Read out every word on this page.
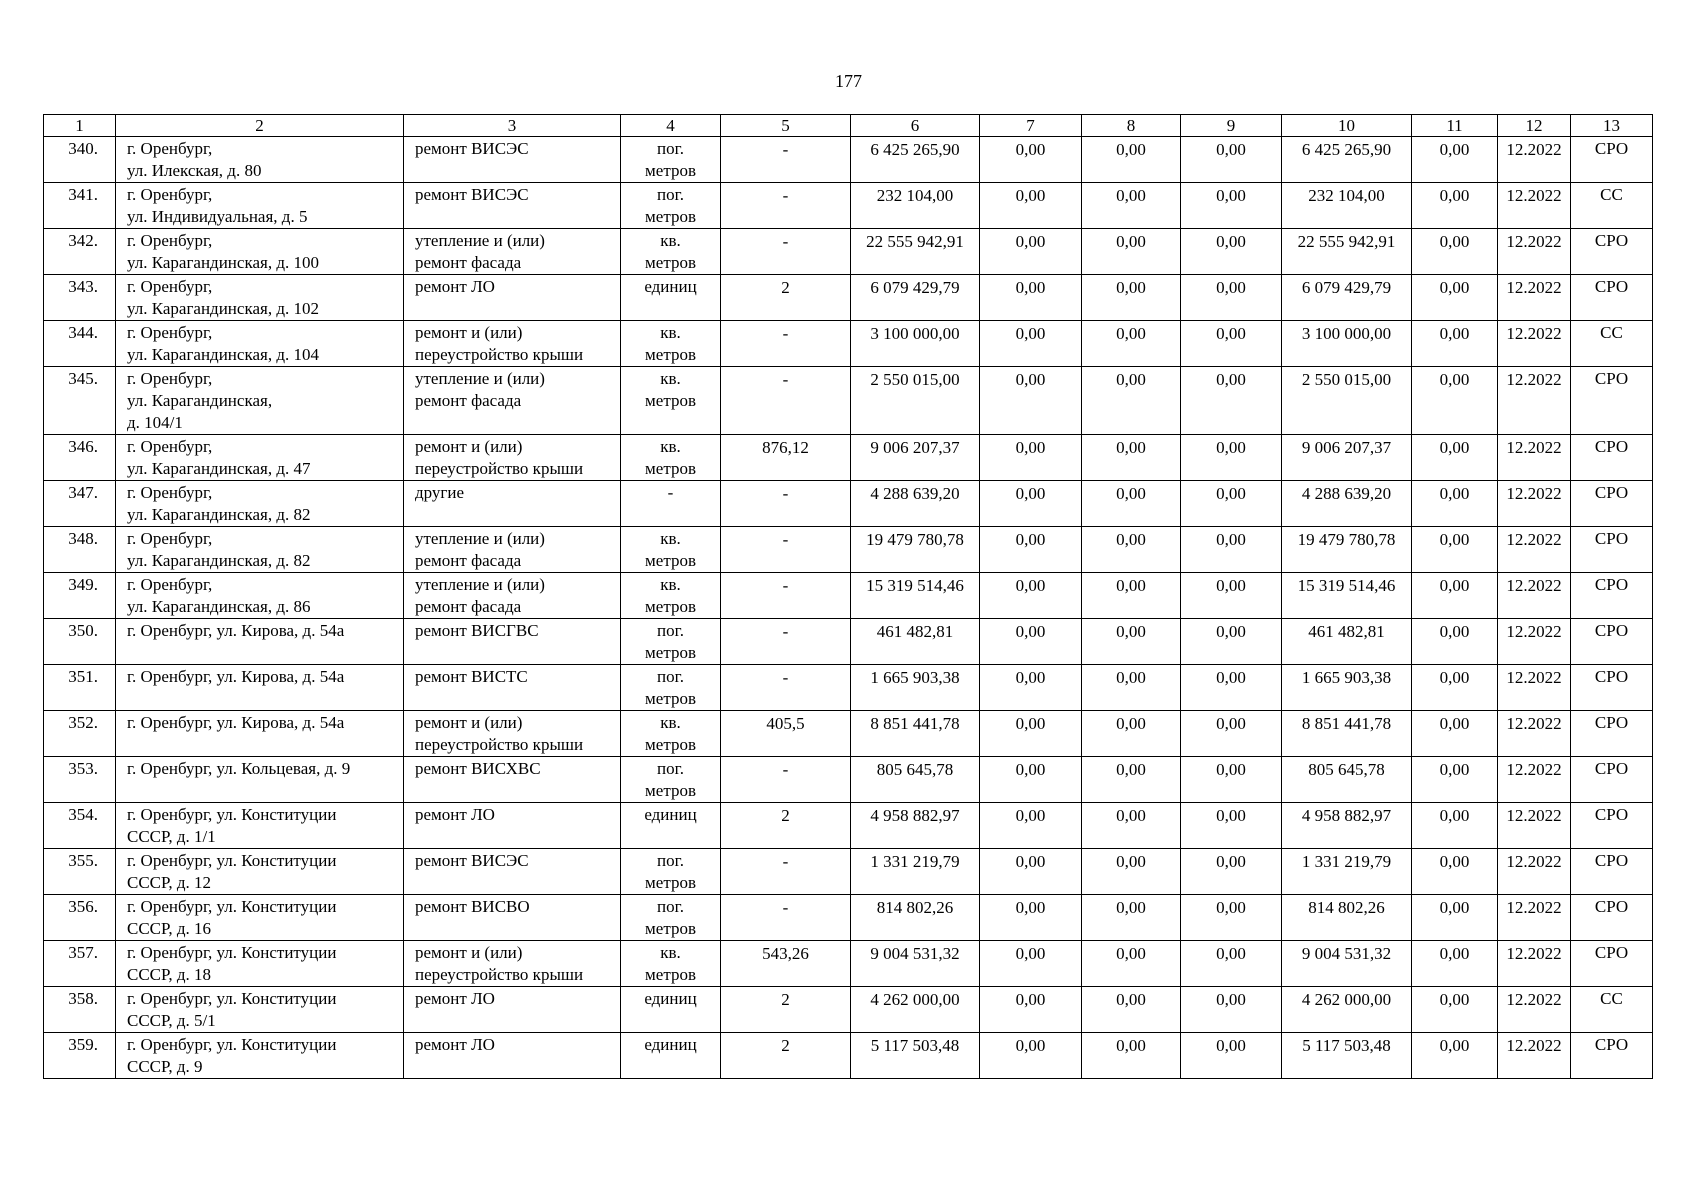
177
1	2	3	4	5	6	7	8	9	10	11	12	13
340.	г. Оренбург,
ул. Илекская, д. 80	ремонт ВИСЭС	пог.
метров	-	6 425 265,90	0,00	0,00	0,00	6 425 265,90	0,00	12.2022	СРО
341.	г. Оренбург,
ул. Индивидуальная, д. 5	ремонт ВИСЭС	пог.
метров	-	232 104,00	0,00	0,00	0,00	232 104,00	0,00	12.2022	СС
342.	г. Оренбург,
ул. Карагандинская, д. 100	утепление и (или)
ремонт фасада	кв.
метров	-	22 555 942,91	0,00	0,00	0,00	22 555 942,91	0,00	12.2022	СРО
343.	г. Оренбург,
ул. Карагандинская, д. 102	ремонт ЛО	единиц	2	6 079 429,79	0,00	0,00	0,00	6 079 429,79	0,00	12.2022	СРО
344.	г. Оренбург,
ул. Карагандинская, д. 104	ремонт и (или)
переустройство крыши	кв.
метров	-	3 100 000,00	0,00	0,00	0,00	3 100 000,00	0,00	12.2022	СС
345.	г. Оренбург,
ул. Карагандинская,
д. 104/1	утепление и (или)
ремонт фасада	кв.
метров	-	2 550 015,00	0,00	0,00	0,00	2 550 015,00	0,00	12.2022	СРО
346.	г. Оренбург,
ул. Карагандинская, д. 47	ремонт и (или)
переустройство крыши	кв.
метров	876,12	9 006 207,37	0,00	0,00	0,00	9 006 207,37	0,00	12.2022	СРО
347.	г. Оренбург,
ул. Карагандинская, д. 82	другие	-	-	4 288 639,20	0,00	0,00	0,00	4 288 639,20	0,00	12.2022	СРО
348.	г. Оренбург,
ул. Карагандинская, д. 82	утепление и (или)
ремонт фасада	кв.
метров	-	19 479 780,78	0,00	0,00	0,00	19 479 780,78	0,00	12.2022	СРО
349.	г. Оренбург,
ул. Карагандинская, д. 86	утепление и (или)
ремонт фасада	кв.
метров	-	15 319 514,46	0,00	0,00	0,00	15 319 514,46	0,00	12.2022	СРО
350.	г. Оренбург, ул. Кирова, д. 54а	ремонт ВИСГВС	пог.
метров	-	461 482,81	0,00	0,00	0,00	461 482,81	0,00	12.2022	СРО
351.	г. Оренбург, ул. Кирова, д. 54а	ремонт ВИСТС	пог.
метров	-	1 665 903,38	0,00	0,00	0,00	1 665 903,38	0,00	12.2022	СРО
352.	г. Оренбург, ул. Кирова, д. 54а	ремонт и (или)
переустройство крыши	кв.
метров	405,5	8 851 441,78	0,00	0,00	0,00	8 851 441,78	0,00	12.2022	СРО
353.	г. Оренбург, ул. Кольцевая, д. 9	ремонт ВИСХВС	пог.
метров	-	805 645,78	0,00	0,00	0,00	805 645,78	0,00	12.2022	СРО
354.	г. Оренбург, ул. Конституции
СССР, д. 1/1	ремонт ЛО	единиц	2	4 958 882,97	0,00	0,00	0,00	4 958 882,97	0,00	12.2022	СРО
355.	г. Оренбург, ул. Конституции
СССР, д. 12	ремонт ВИСЭС	пог.
метров	-	1 331 219,79	0,00	0,00	0,00	1 331 219,79	0,00	12.2022	СРО
356.	г. Оренбург, ул. Конституции
СССР, д. 16	ремонт ВИСВО	пог.
метров	-	814 802,26	0,00	0,00	0,00	814 802,26	0,00	12.2022	СРО
357.	г. Оренбург, ул. Конституции
СССР, д. 18	ремонт и (или)
переустройство крыши	кв.
метров	543,26	9 004 531,32	0,00	0,00	0,00	9 004 531,32	0,00	12.2022	СРО
358.	г. Оренбург, ул. Конституции
СССР, д. 5/1	ремонт ЛО	единиц	2	4 262 000,00	0,00	0,00	0,00	4 262 000,00	0,00	12.2022	СС
359.	г. Оренбург, ул. Конституции
СССР, д. 9	ремонт ЛО	единиц	2	5 117 503,48	0,00	0,00	0,00	5 117 503,48	0,00	12.2022	СРО
